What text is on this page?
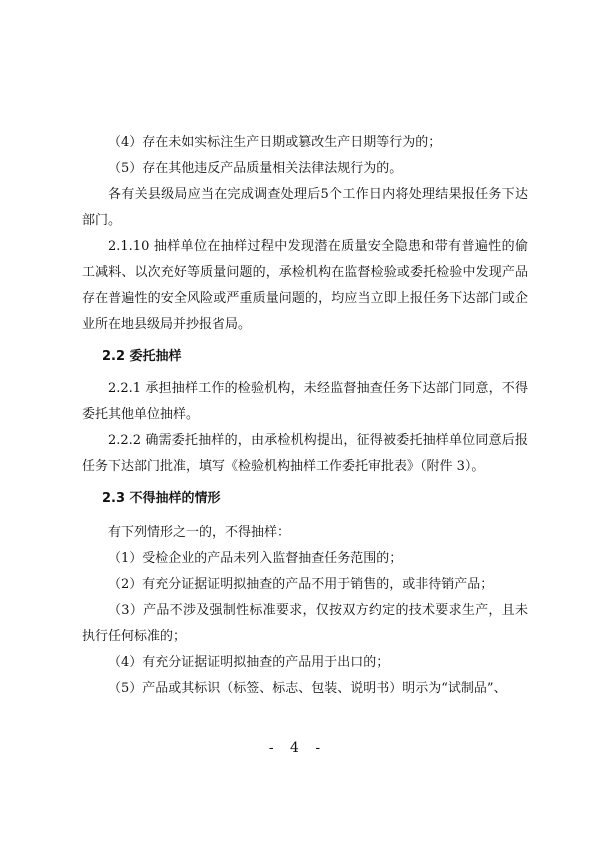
（4）存在未如实标注生产日期或篡改生产日期等行为的；

（5）存在其他违反产品质量相关法律法规行为的。

各有关县级局应当在完成调查处理后5个工作日内将处理结果报任务下达部门。

2.1.10 抽样单位在抽样过程中发现潜在质量安全隐患和带有普遍性的偷工减料、以次充好等质量问题的，承检机构在监督检验或委托检验中发现产品存在普遍性的安全风险或严重质量问题的，均应当立即上报任务下达部门或企业所在地县级局并抄报省局。

2.2 委托抽样

2.2.1 承担抽样工作的检验机构，未经监督抽查任务下达部门同意，不得委托其他单位抽样。

2.2.2 确需委托抽样的，由承检机构提出，征得被委托抽样单位同意后报任务下达部门批准，填写《检验机构抽样工作委托审批表》（附件 3）。

2.3 不得抽样的情形

有下列情形之一的，不得抽样：

（1）受检企业的产品未列入监督抽查任务范围的；

（2）有充分证据证明拟抽查的产品不用于销售的，或非待销产品；

（3）产品不涉及强制性标准要求，仅按双方约定的技术要求生产，且未执行任何标准的；

（4）有充分证据证明拟抽查的产品用于出口的；

（5）产品或其标识（标签、标志、包装、说明书）明示为“试制品”、

- 4 -
